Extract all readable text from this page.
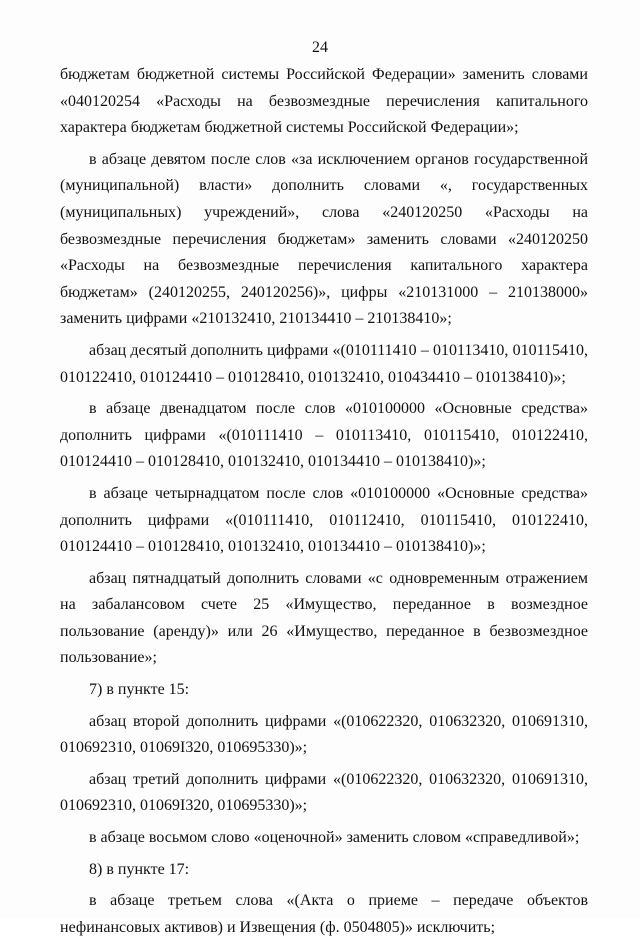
24

бюджетам бюджетной системы Российской Федерации» заменить словами «040120254 «Расходы на безвозмездные перечисления капитального характера бюджетам бюджетной системы Российской Федерации»;

в абзаце девятом после слов «за исключением органов государственной (муниципальной) власти» дополнить словами «, государственных (муниципальных) учреждений», слова «240120250 «Расходы на безвозмездные перечисления бюджетам» заменить словами «240120250 «Расходы на безвозмездные перечисления капитального характера бюджетам» (240120255, 240120256)», цифры «210131000 – 210138000» заменить цифрами «210132410, 210134410 – 210138410»;

абзац десятый дополнить цифрами «(010111410 – 010113410, 010115410, 010122410, 010124410 – 010128410, 010132410, 010434410 – 010138410)»;

в абзаце двенадцатом после слов «010100000 «Основные средства» дополнить цифрами «(010111410 – 010113410, 010115410, 010122410, 010124410 – 010128410, 010132410, 010134410 – 010138410)»;

в абзаце четырнадцатом после слов «010100000 «Основные средства» дополнить цифрами «(010111410, 010112410, 010115410, 010122410, 010124410 – 010128410, 010132410, 010134410 – 010138410)»;

абзац пятнадцатый дополнить словами «с одновременным отражением на забалансовом счете 25 «Имущество, переданное в возмездное пользование (аренду)» или 26 «Имущество, переданное в безвозмездное пользование»;

7) в пункте 15:

абзац второй дополнить цифрами «(010622320, 010632320, 010691310, 010692310, 01069I320, 010695330)»;

абзац третий дополнить цифрами «(010622320, 010632320, 010691310, 010692310, 01069I320, 010695330)»;

в абзаце восьмом слово «оценочной» заменить словом «справедливой»;

8) в пункте 17:

в абзаце третьем слова «(Акта о приеме – передаче объектов нефинансовых активов) и Извещения (ф. 0504805)» исключить;
